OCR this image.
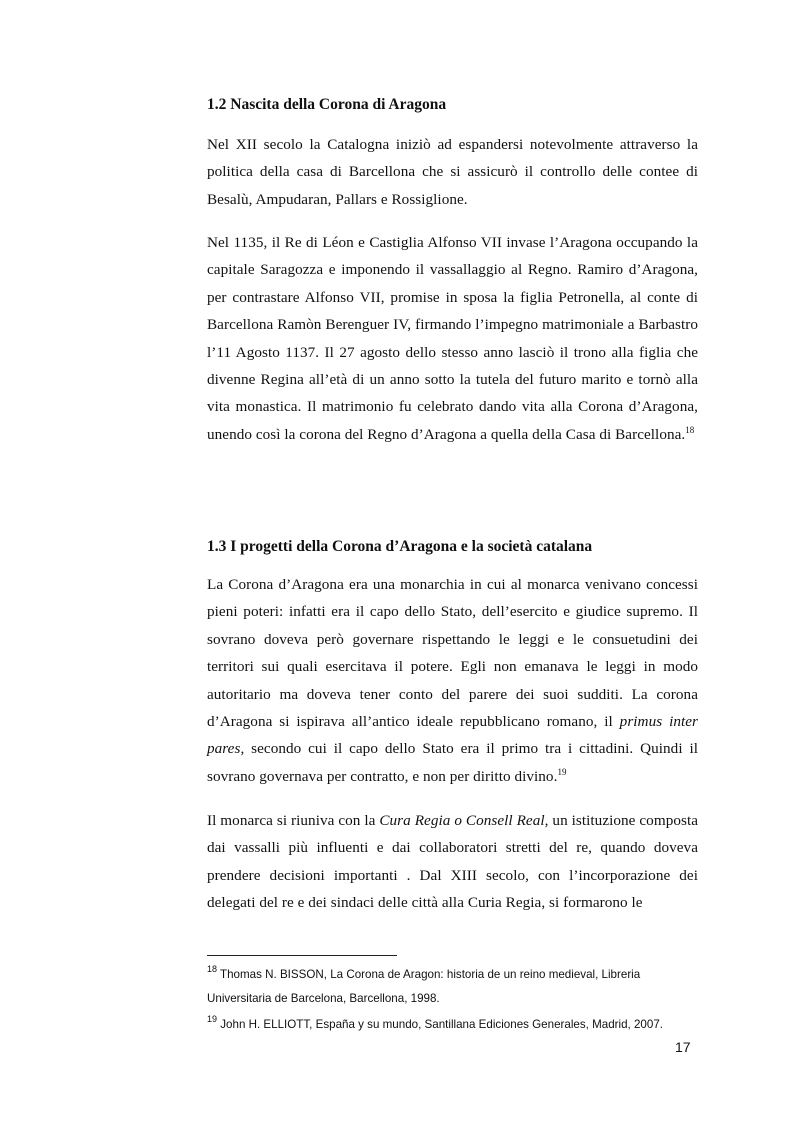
1.2 Nascita della Corona di Aragona

Nel XII secolo la Catalogna iniziò ad espandersi notevolmente attraverso la politica della casa di Barcellona che si assicurò il controllo delle contee di Besalù, Ampudaran, Pallars e Rossiglione.

Nel 1135, il Re di Léon e Castiglia Alfonso VII invase l’Aragona occupando la capitale Saragozza e imponendo il vassallaggio al Regno. Ramiro d’Aragona, per contrastare Alfonso VII, promise in sposa la figlia Petronella, al conte di Barcellona Ramòn Berenguer IV, firmando l’impegno matrimoniale a Barbastro l’11 Agosto 1137. Il 27 agosto dello stesso anno lasciò il trono alla figlia che divenne Regina all’età di un anno sotto la tutela del futuro marito e tornò alla vita monastica. Il matrimonio fu celebrato dando vita alla Corona d’Aragona, unendo così la corona del Regno d’Aragona a quella della Casa di Barcellona.$^{18}$

1.3 I progetti della Corona d’Aragona e la società catalana

La Corona d’Aragona era una monarchia in cui al monarca venivano concessi pieni poteri: infatti era il capo dello Stato, dell’esercito e giudice supremo. Il sovrano doveva però governare rispettando le leggi e le consuetudini dei territori sui quali esercitava il potere. Egli non emanava le leggi in modo autoritario ma doveva tener conto del parere dei suoi sudditi. La corona d’Aragona si ispirava all’antico ideale repubblicano romano, il primus inter pares, secondo cui il capo dello Stato era il primo tra i cittadini. Quindi il sovrano governava per contratto, e non per diritto divino.$^{19}$

Il monarca si riuniva con la Cura Regia o Consell Real, un istituzione composta dai vassalli più influenti e dai collaboratori stretti del re, quando doveva prendere decisioni importanti . Dal XIII secolo, con l’incorporazione dei delegati del re e dei sindaci delle città alla Curia Regia, si formarono le

$^{18}$ Thomas N. BISSON, La Corona de Aragon: historia de un reino medieval, Libreria Universitaria de Barcelona, Barcellona, 1998.

$^{19}$ John H. ELLIOTT, España y su mundo, Santillana Ediciones Generales, Madrid, 2007.

17
